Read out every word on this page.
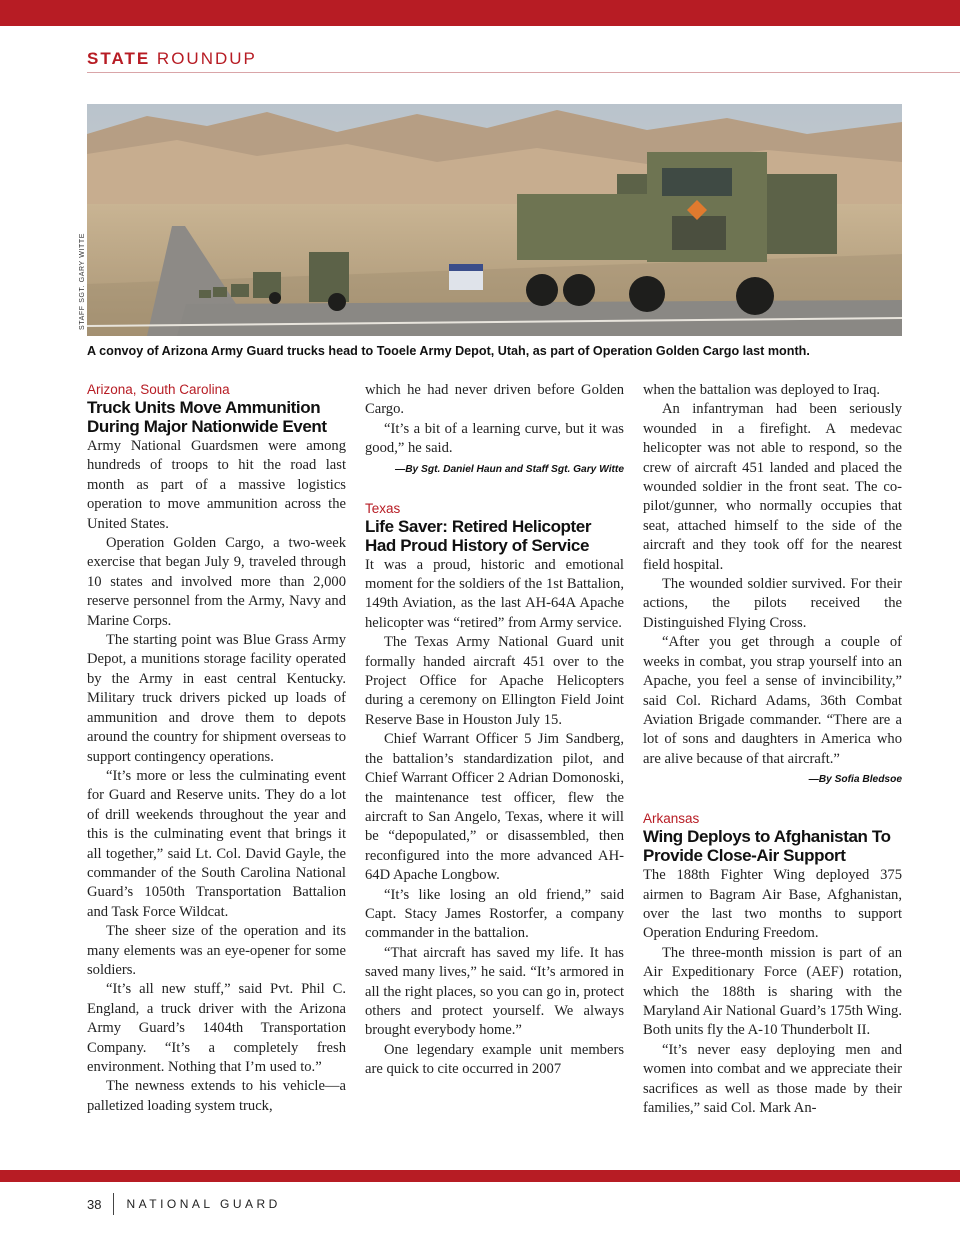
STATE ROUNDUP
STAFF SGT. GARY WITTE
A convoy of Arizona Army Guard trucks head to Tooele Army Depot, Utah, as part of Operation Golden Cargo last month.
Arizona, South Carolina
Truck Units Move Ammunition During Major Nationwide Event

Army National Guardsmen were among hundreds of troops to hit the road last month as part of a massive logistics operation to move ammunition across the United States.

Operation Golden Cargo, a two-week exercise that began July 9, traveled through 10 states and involved more than 2,000 reserve personnel from the Army, Navy and Marine Corps.

The starting point was Blue Grass Army Depot, a munitions storage facility operated by the Army in east central Kentucky. Military truck drivers picked up loads of ammunition and drove them to depots around the country for shipment overseas to support contingency operations.

“It’s more or less the culminating event for Guard and Reserve units. They do a lot of drill weekends throughout the year and this is the culminating event that brings it all together,” said Lt. Col. David Gayle, the commander of the South Carolina National Guard’s 1050th Transportation Battalion and Task Force Wildcat.

The sheer size of the operation and its many elements was an eye-opener for some soldiers.

“It’s all new stuff,” said Pvt. Phil C. England, a truck driver with the Arizona Army Guard’s 1404th Transportation Company. “It’s a completely fresh environment. Nothing that I’m used to.”

The newness extends to his vehicle—a palletized loading system truck,

which he had never driven before Golden Cargo.

“It’s a bit of a learning curve, but it was good,” he said.

—By Sgt. Daniel Haun and Staff Sgt. Gary Witte
Texas
Life Saver: Retired Helicopter Had Proud History of Service

It was a proud, historic and emotional moment for the soldiers of the 1st Battalion, 149th Aviation, as the last AH-64A Apache helicopter was “retired” from Army service.

The Texas Army National Guard unit formally handed aircraft 451 over to the Project Office for Apache Helicopters during a ceremony on Ellington Field Joint Reserve Base in Houston July 15.

Chief Warrant Officer 5 Jim Sandberg, the battalion’s standardization pilot, and Chief Warrant Officer 2 Adrian Domonoski, the maintenance test officer, flew the aircraft to San Angelo, Texas, where it will be “depopulated,” or disassembled, then reconfigured into the more advanced AH-64D Apache Longbow.

“It’s like losing an old friend,” said Capt. Stacy James Rostorfer, a company commander in the battalion.

“That aircraft has saved my life. It has saved many lives,” he said. “It’s armored in all the right places, so you can go in, protect others and protect yourself. We always brought everybody home.”

One legendary example unit members are quick to cite occurred in 2007

when the battalion was deployed to Iraq.

An infantryman had been seriously wounded in a firefight. A medevac helicopter was not able to respond, so the crew of aircraft 451 landed and placed the wounded soldier in the front seat. The co-pilot/gunner, who normally occupies that seat, attached himself to the side of the aircraft and they took off for the nearest field hospital.

The wounded soldier survived. For their actions, the pilots received the Distinguished Flying Cross.

“After you get through a couple of weeks in combat, you strap yourself into an Apache, you feel a sense of invincibility,” said Col. Richard Adams, 36th Combat Aviation Brigade commander. “There are a lot of sons and daughters in America who are alive because of that aircraft.”

—By Sofia Bledsoe
Arkansas
Wing Deploys to Afghanistan To Provide Close-Air Support

The 188th Fighter Wing deployed 375 airmen to Bagram Air Base, Afghanistan, over the last two months to support Operation Enduring Freedom.

The three-month mission is part of an Air Expeditionary Force (AEF) rotation, which the 188th is sharing with the Maryland Air National Guard’s 175th Wing. Both units fly the A-10 Thunderbolt II.

“It’s never easy deploying men and women into combat and we appreciate their sacrifices as well as those made by their families,” said Col. Mark An-

38 NATIONAL GUARD
